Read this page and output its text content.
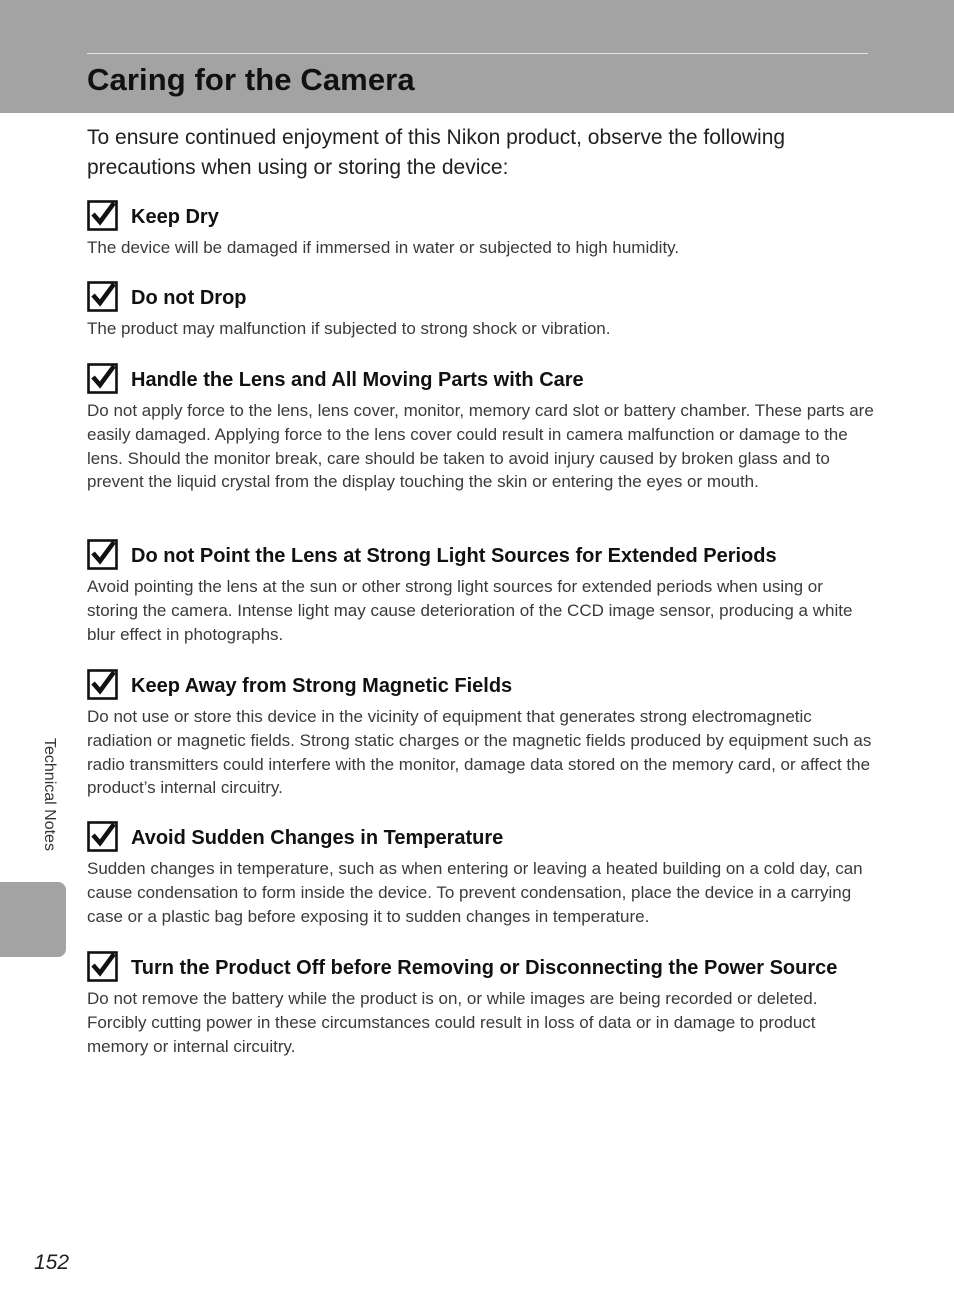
Caring for the Camera

To ensure continued enjoyment of this Nikon product, observe the following precautions when using or storing the device:

Keep Dry

The device will be damaged if immersed in water or subjected to high humidity.

Do not Drop

The product may malfunction if subjected to strong shock or vibration.

Handle the Lens and All Moving Parts with Care

Do not apply force to the lens, lens cover, monitor, memory card slot or battery chamber. These parts are easily damaged. Applying force to the lens cover could result in camera malfunction or damage to the lens. Should the monitor break, care should be taken to avoid injury caused by broken glass and to prevent the liquid crystal from the display touching the skin or entering the eyes or mouth.

Do not Point the Lens at Strong Light Sources for Extended Periods

Avoid pointing the lens at the sun or other strong light sources for extended periods when using or storing the camera. Intense light may cause deterioration of the CCD image sensor, producing a white blur effect in photographs.

Keep Away from Strong Magnetic Fields

Do not use or store this device in the vicinity of equipment that generates strong electromagnetic radiation or magnetic fields. Strong static charges or the magnetic fields produced by equipment such as radio transmitters could interfere with the monitor, damage data stored on the memory card, or affect the product’s internal circuitry.

Avoid Sudden Changes in Temperature

Sudden changes in temperature, such as when entering or leaving a heated building on a cold day, can cause condensation to form inside the device. To prevent condensation, place the device in a carrying case or a plastic bag before exposing it to sudden changes in temperature.

Turn the Product Off before Removing or Disconnecting the Power Source

Do not remove the battery while the product is on, or while images are being recorded or deleted. Forcibly cutting power in these circumstances could result in loss of data or in damage to product memory or internal circuitry.

Technical Notes
152
